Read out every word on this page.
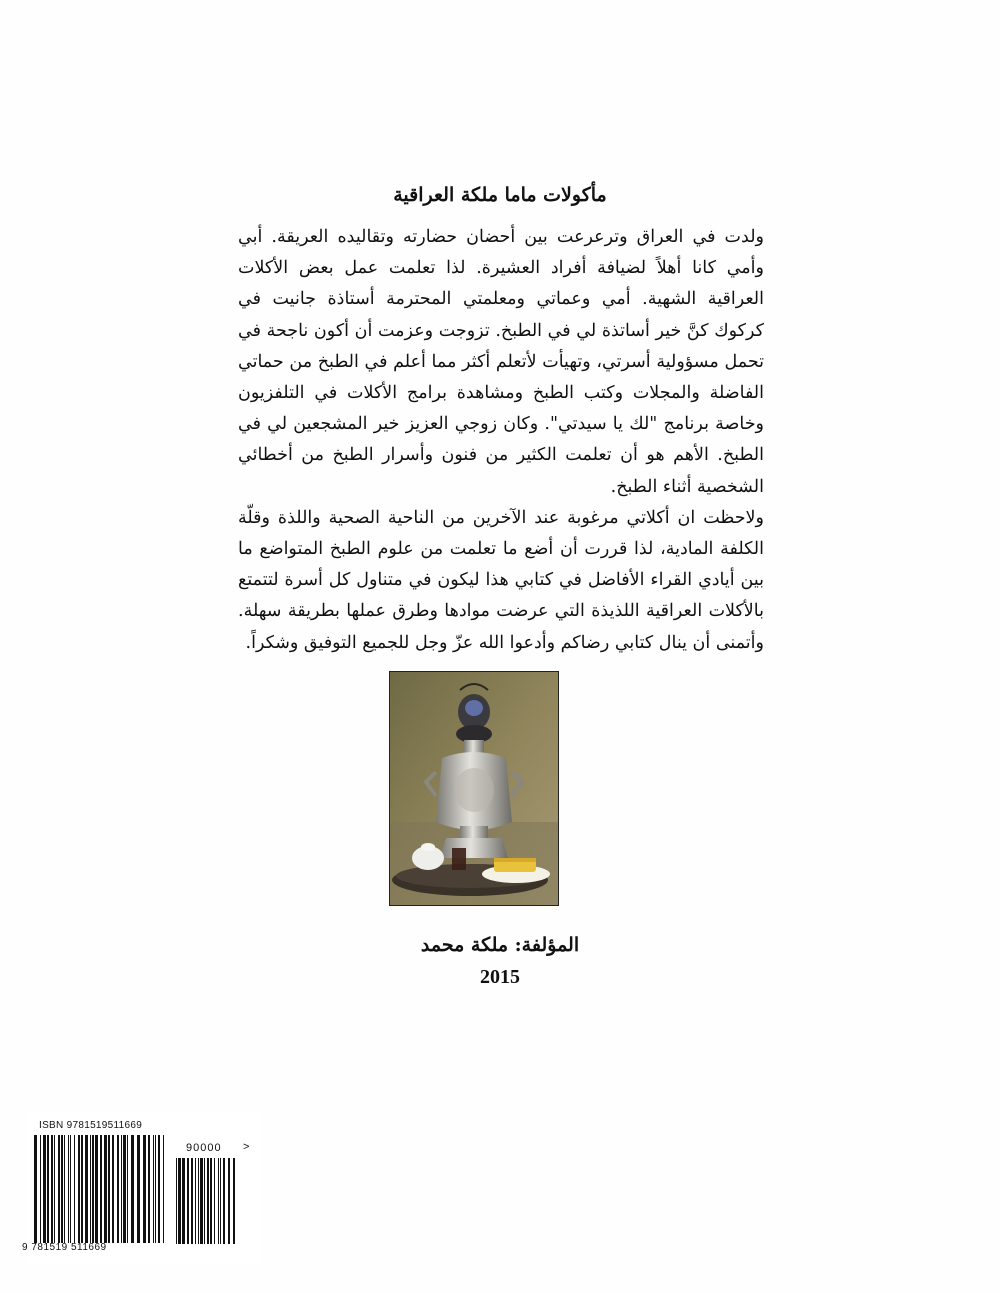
مأكولات ماما ملكة العراقية

ولدت في العراق وترعرعت بين أحضان حضارته وتقاليده العريقة. أبي وأمي كانا أهلاً لضيافة أفراد العشيرة. لذا تعلمت عمل بعض الأكلات العراقية الشهية. أمي وعماتي ومعلمتي المحترمة أستاذة جانيت في كركوك كنَّ خير أساتذة لي في الطبخ. تزوجت وعزمت أن أكون ناجحة في تحمل مسؤولية أسرتي، وتهيأت لأتعلم أكثر مما أعلم في الطبخ من حماتي الفاضلة والمجلات وكتب الطبخ ومشاهدة برامج الأكلات في التلفزيون وخاصة برنامج "لك يا سيدتي". وكان زوجي العزيز خير المشجعين لي في الطبخ. الأهم هو أن تعلمت الكثير من فنون وأسرار الطبخ من أخطائي الشخصية أثناء الطبخ.

ولاحظت ان أكلاتي مرغوبة عند الآخرين من الناحية الصحية واللذة وقلّة الكلفة المادية، لذا قررت أن أضع ما تعلمت من علوم الطبخ المتواضع ما بين أيادي القراء الأفاضل في كتابي هذا ليكون في متناول كل أسرة لتتمتع بالأكلات العراقية اللذيذة التي عرضت موادها وطرق عملها بطريقة سهلة. وأتمنى أن ينال كتابي رضاكم وأدعوا الله عزّ وجل للجميع التوفيق وشكراً.

المؤلفة: ملكة محمد
2015
ISBN 9781519511669
90000 >
9 781519 511669
